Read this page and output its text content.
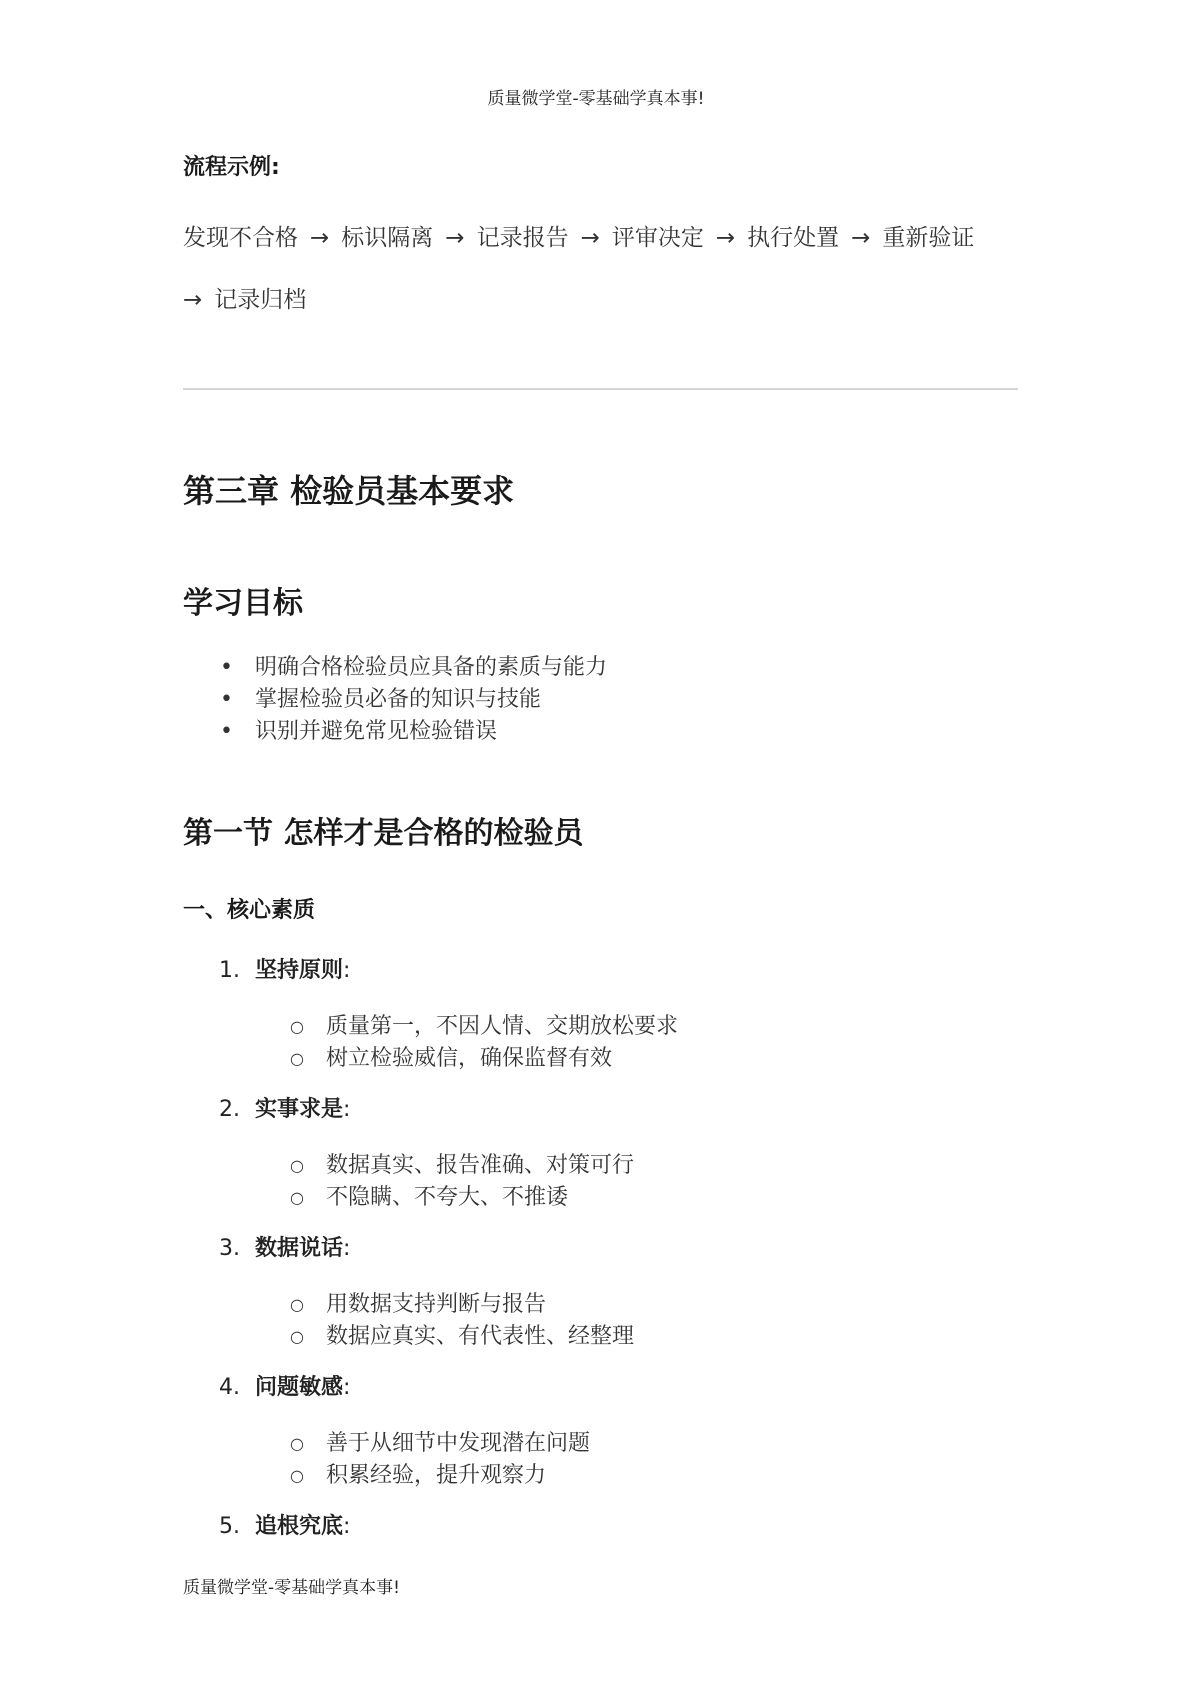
质量微学堂-零基础学真本事!
流程示例:
发现不合格 → 标识隔离 → 记录报告 → 评审决定 → 执行处置 → 重新验证
→ 记录归档
第三章 检验员基本要求
学习目标
• 明确合格检验员应具备的素质与能力
• 掌握检验员必备的知识与技能
• 识别并避免常见检验错误
第一节 怎样才是合格的检验员
一、核心素质
1. 坚持原则:
○ 质量第一，不因人情、交期放松要求
○ 树立检验威信，确保监督有效
2. 实事求是:
○ 数据真实、报告准确、对策可行
○ 不隐瞒、不夸大、不推诿
3. 数据说话:
○ 用数据支持判断与报告
○ 数据应真实、有代表性、经整理
4. 问题敏感:
○ 善于从细节中发现潜在问题
○ 积累经验，提升观察力
5. 追根究底:
质量微学堂-零基础学真本事!
